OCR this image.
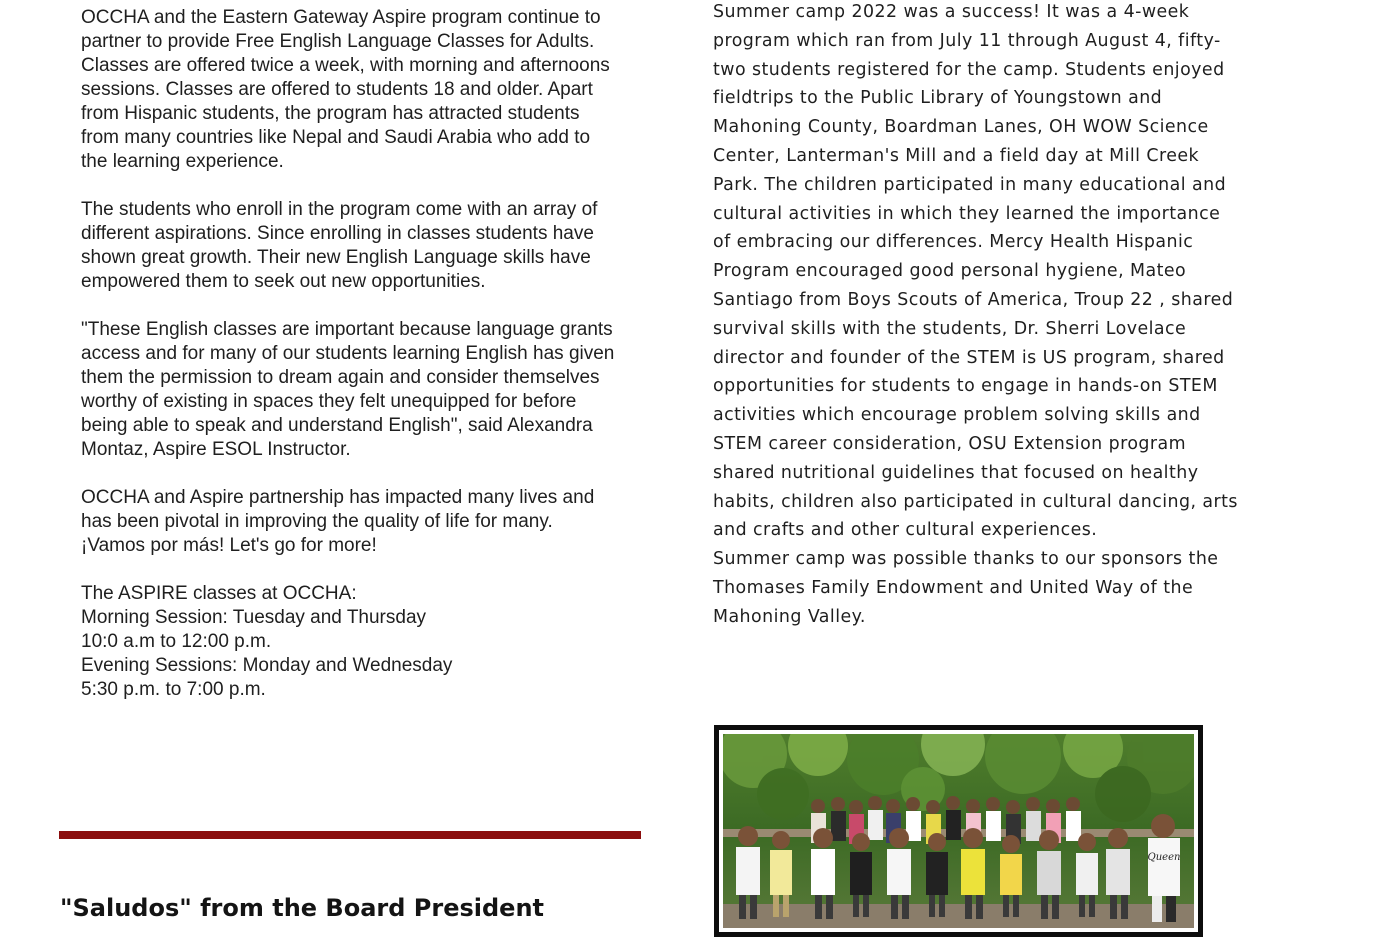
OCCHA and the Eastern Gateway Aspire program continue to partner to provide Free English Language Classes for Adults. Classes are offered twice a week, with morning and afternoons sessions. Classes are offered to students 18 and older. Apart from Hispanic students, the program has attracted students from many countries like Nepal and Saudi Arabia who add to the learning experience.

The students who enroll in the program come with an array of different aspirations. Since enrolling in classes students have shown great growth. Their new English Language skills have empowered them to seek out new opportunities.

"These English classes are important because language grants access and for many of our students learning English has given them the permission to dream again and consider themselves worthy of existing in spaces they felt unequipped for before being able to speak and understand English", said Alexandra Montaz, Aspire ESOL Instructor.

OCCHA and Aspire partnership has impacted many lives and has been pivotal in improving the quality of life for many. ¡Vamos por más! Let's go for more!

The ASPIRE classes at OCCHA:

Morning Session: Tuesday and Thursday

10:0 a.m to 12:00 p.m.

Evening Sessions: Monday and Wednesday

5:30 p.m. to 7:00 p.m.

"Saludos" from the Board President

Summer camp 2022 was a success! It was a 4-week program which ran from July 11 through August 4, fifty-two students registered for the camp. Students enjoyed fieldtrips to the Public Library of Youngstown and Mahoning County, Boardman Lanes, OH WOW Science Center, Lanterman's Mill and a field day at Mill Creek Park. The children participated in many educational and cultural activities in which they learned the importance of embracing our differences. Mercy Health Hispanic Program encouraged good personal hygiene, Mateo Santiago from Boys Scouts of America, Troup 22 , shared survival skills with the students, Dr. Sherri Lovelace director and founder of the STEM is US program, shared opportunities for students to engage in hands-on STEM activities which encourage problem solving skills and STEM career consideration, OSU Extension program shared nutritional guidelines that focused on healthy habits, children also participated in cultural dancing, arts and crafts and other cultural experiences.

Summer camp was possible thanks to our sponsors the Thomases Family Endowment and United Way of the Mahoning Valley.

Queen
